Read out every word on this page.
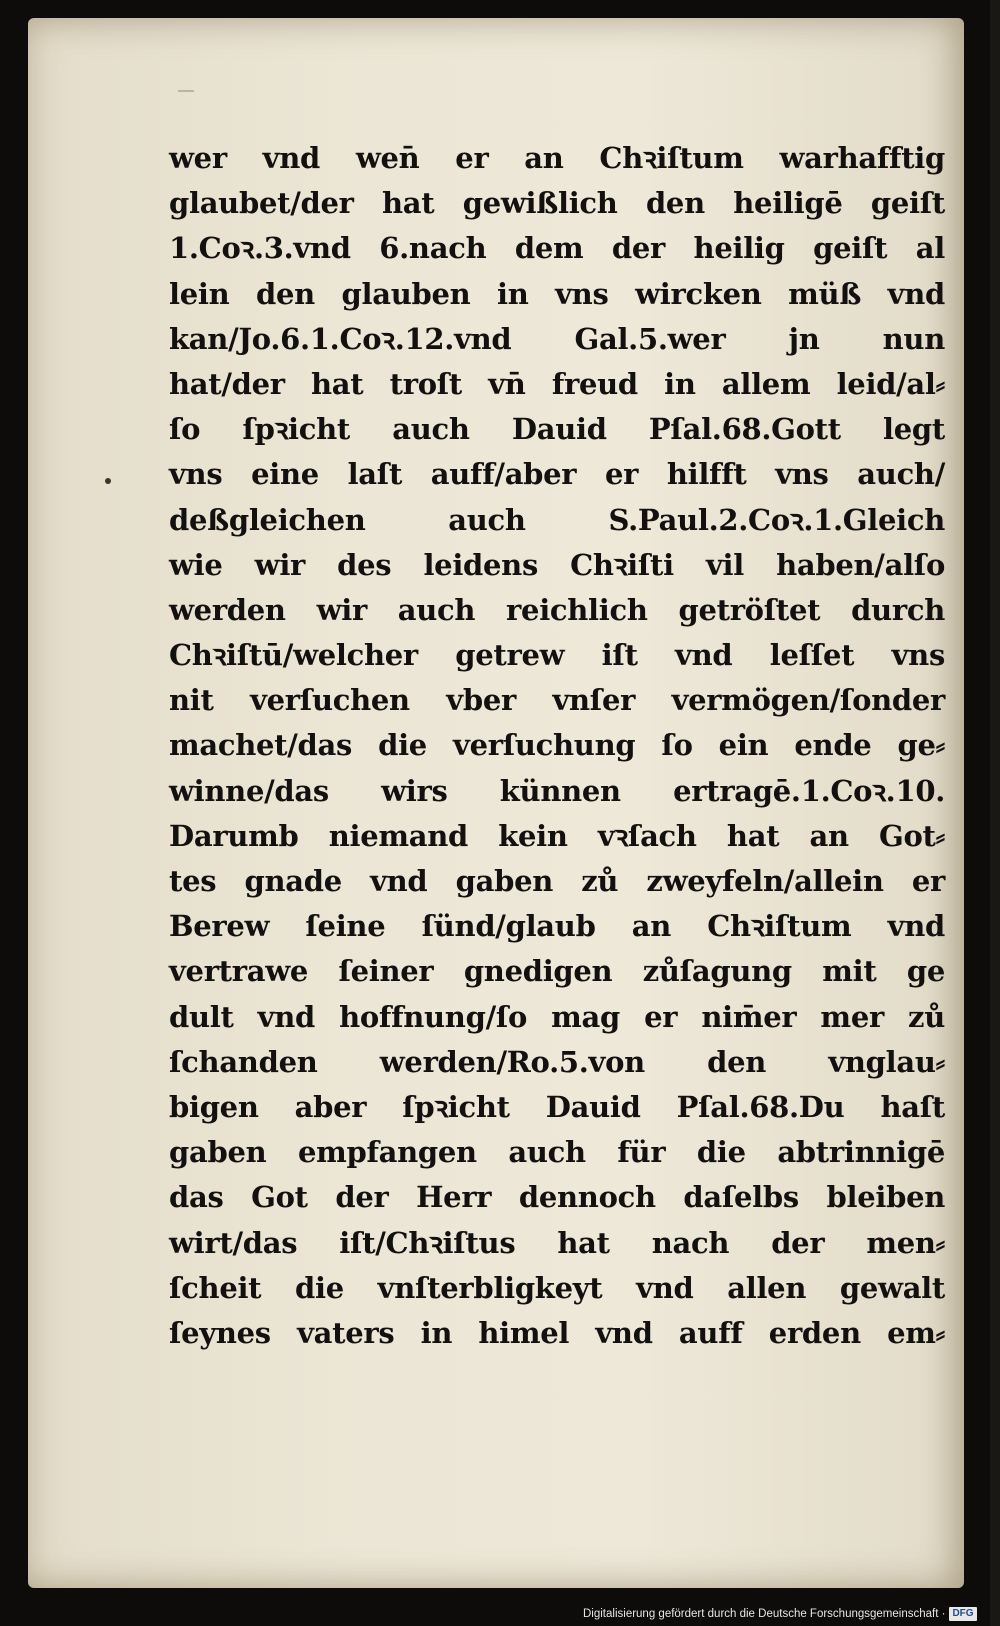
wer vnd wen̄ er an Chꝛiſtum warhafftig
glaubet/der hat gewißlich den heiligē geiſt
1.Coꝛ.3.vnd 6.nach dem der heilig geiſt al
lein den glauben in vns wircken müß vnd
kan/Jo.6.1.Coꝛ.12.vnd Gal.5.wer jn nun
hat/der hat troſt vn̄ freud in allem leid/al⸗
ſo ſpꝛicht auch Dauid Pſal.68.Gott legt
vns eine laſt auff/aber er hilfft vns auch/
deßgleichen auch S.Paul.2.Coꝛ.1.Gleich
wie wir des leidens Chꝛiſti vil haben/alſo
werden wir auch reichlich getröſtet durch
Chꝛiſtū/welcher getrew iſt vnd leſſet vns
nit verſuchen vber vnſer vermögen/ſonder
machet/das die verſuchung ſo ein ende ge⸗
winne/das wirs künnen ertragē.1.Coꝛ.10.
Darumb niemand kein vꝛſach hat an Got⸗
tes gnade vnd gaben zů zweyfeln/allein er
Berew ſeine ſünd/glaub an Chꝛiſtum vnd
vertrawe ſeiner gnedigen zůſagung mit ge
dult vnd hoffnung/ſo mag er nim̄er mer zů
ſchanden werden/Ro.5.von den vnglau⸗
bigen aber ſpꝛicht Dauid Pſal.68.Du haſt
gaben empfangen auch für die abtrinnigē
das Got der Herr dennoch daſelbs bleiben
wirt/das iſt/Chꝛiſtus hat nach der men⸗
ſcheit die vnſterbligkeyt vnd allen gewalt
ſeynes vaters in himel vnd auff erden em⸗
Digitalisierung gefördert durch die Deutsche Forschungsgemeinschaft · DFG
